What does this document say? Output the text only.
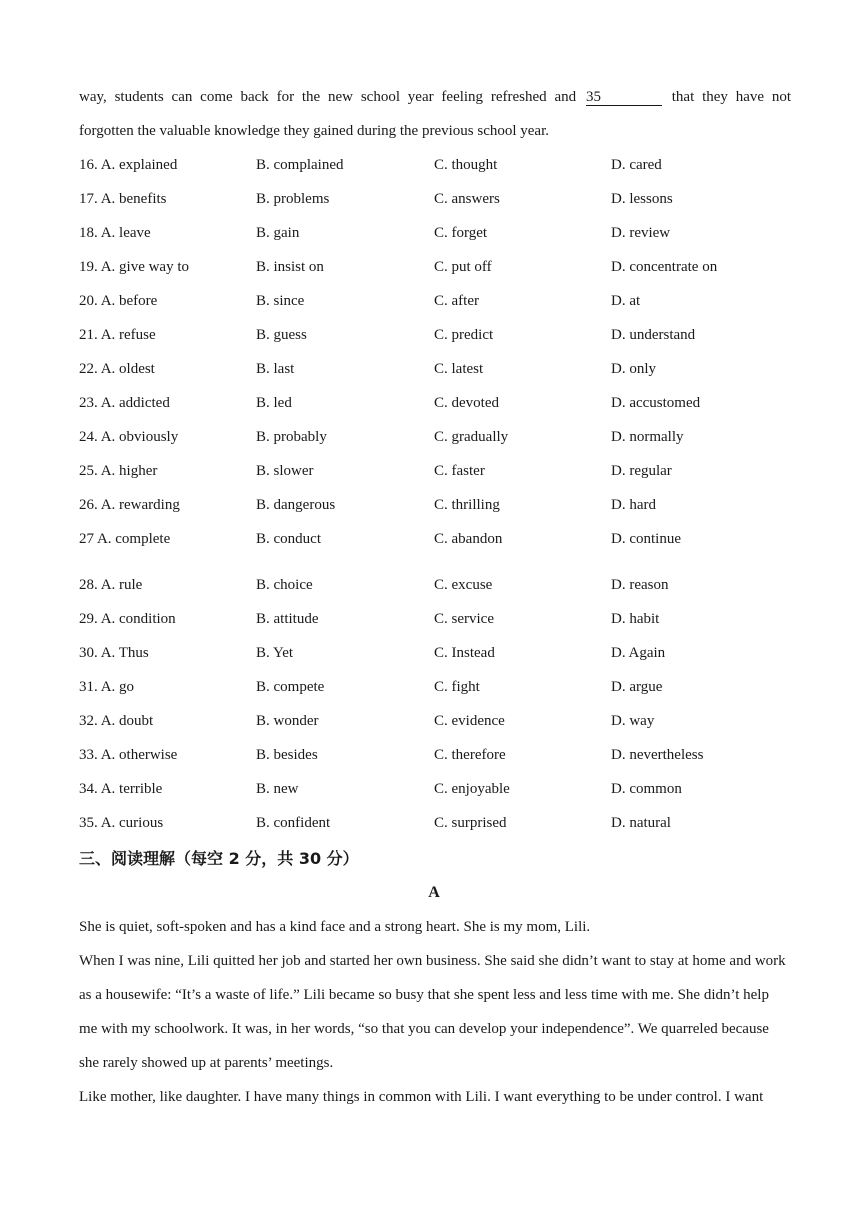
way, students can come back for the new school year feeling refreshed and 35	that they have not
forgotten the valuable knowledge they gained during the previous school year.
16. A. explained	B. complained	C. thought	D. cared
17. A. benefits	B. problems	C. answers	D. lessons
18. A. leave	B. gain	C. forget	D. review
19. A. give way to	B. insist on	C. put off	D. concentrate on
20. A. before	B. since	C. after	D. at
21. A. refuse	B. guess	C. predict	D. understand
22. A. oldest	B. last	C. latest	D. only
23. A. addicted	B. led	C. devoted	D. accustomed
24. A. obviously	B. probably	C. gradually	D. normally
25. A. higher	B. slower	C. faster	D. regular
26. A. rewarding	B. dangerous	C. thrilling	D. hard
27 A. complete	B. conduct	C. abandon	D. continue
28. A. rule	B. choice	C. excuse	D. reason
29. A. condition	B. attitude	C. service	D. habit
30. A. Thus	B. Yet	C. Instead	D. Again
31. A. go	B. compete	C. fight	D. argue
32. A. doubt	B. wonder	C. evidence	D. way
33. A. otherwise	B. besides	C. therefore	D. nevertheless
34. A. terrible	B. new	C. enjoyable	D. common
35. A. curious	B. confident	C. surprised	D. natural
三、阅读理解（每空 2 分，共 30 分）
A

She is quiet, soft-spoken and has a kind face and a strong heart. She is my mom, Lili.

When I was nine, Lili quitted her job and started her own business. She said she didn’t want to stay at home and work as a housewife: “It’s a waste of life.” Lili became so busy that she spent less and less time with me. She didn’t help me with my schoolwork. It was, in her words, “so that you can develop your independence”. We quarreled because she rarely showed up at parents’ meetings.

Like mother, like daughter. I have many things in common with Lili. I want everything to be under control. I want
